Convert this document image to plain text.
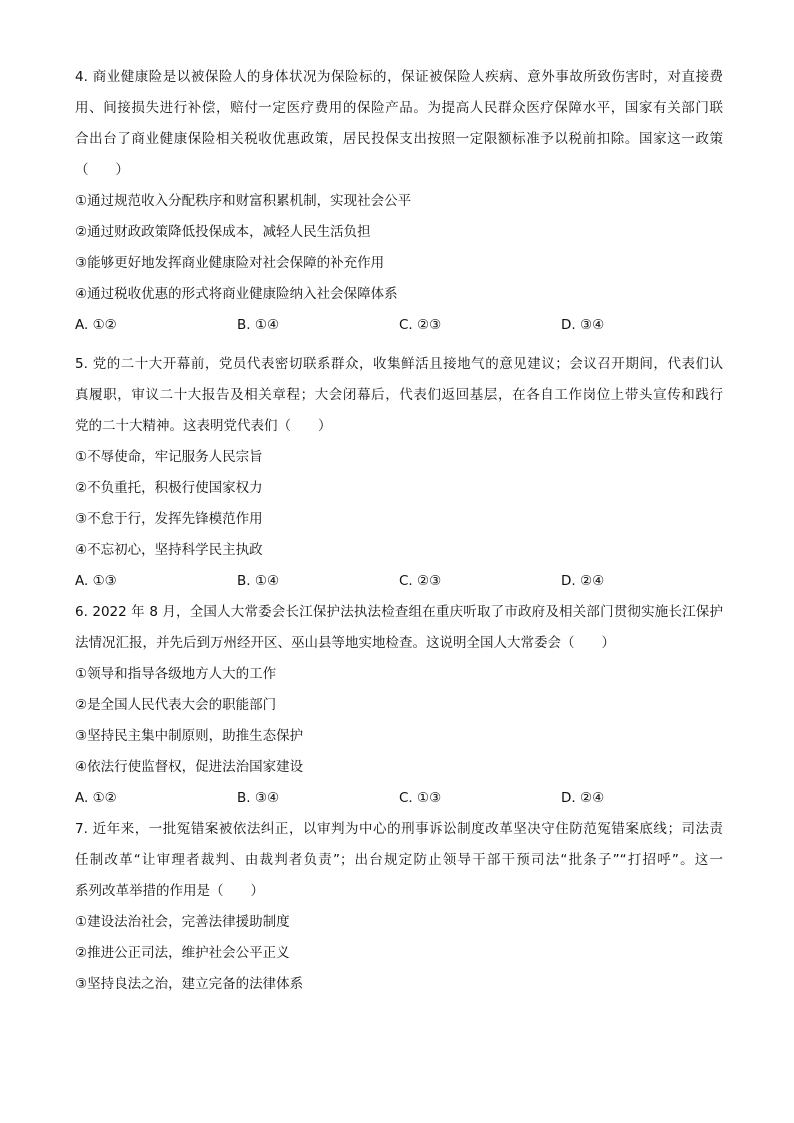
4. 商业健康险是以被保险人的身体状况为保险标的，保证被保险人疾病、意外事故所致伤害时，对直接费
用、间接损失进行补偿，赔付一定医疗费用的保险产品。为提高人民群众医疗保障水平，国家有关部门联
合出台了商业健康保险相关税收优惠政策，居民投保支出按照一定限额标准予以税前扣除。国家这一政策
（　　）
①通过规范收入分配秩序和财富积累机制，实现社会公平
②通过财政政策降低投保成本，减轻人民生活负担
③能够更好地发挥商业健康险对社会保障的补充作用
④通过税收优惠的形式将商业健康险纳入社会保障体系
A. ①②	B. ①④	C. ②③	D. ③④
5. 党的二十大开幕前，党员代表密切联系群众，收集鲜活且接地气的意见建议；会议召开期间，代表们认
真履职，审议二十大报告及相关章程；大会闭幕后，代表们返回基层，在各自工作岗位上带头宣传和践行
党的二十大精神。这表明党代表们（　　）
①不辱使命，牢记服务人民宗旨
②不负重托，积极行使国家权力
③不怠于行，发挥先锋模范作用
④不忘初心，坚持科学民主执政
A. ①③	B. ①④	C. ②③	D. ②④
6. 2022 年 8 月，全国人大常委会长江保护法执法检查组在重庆听取了市政府及相关部门贯彻实施长江保护
法情况汇报，并先后到万州经开区、巫山县等地实地检查。这说明全国人大常委会（　　）
①领导和指导各级地方人大的工作
②是全国人民代表大会的职能部门
③坚持民主集中制原则，助推生态保护
④依法行使监督权，促进法治国家建设
A. ①②	B. ③④	C. ①③	D. ②④
7. 近年来，一批冤错案被依法纠正，以审判为中心的刑事诉讼制度改革坚决守住防范冤错案底线；司法责
任制改革“让审理者裁判、由裁判者负责”；出台规定防止领导干部干预司法“批条子”“打招呼”。这一
系列改革举措的作用是（　　）
①建设法治社会，完善法律援助制度
②推进公正司法，维护社会公平正义
③坚持良法之治，建立完备的法律体系
